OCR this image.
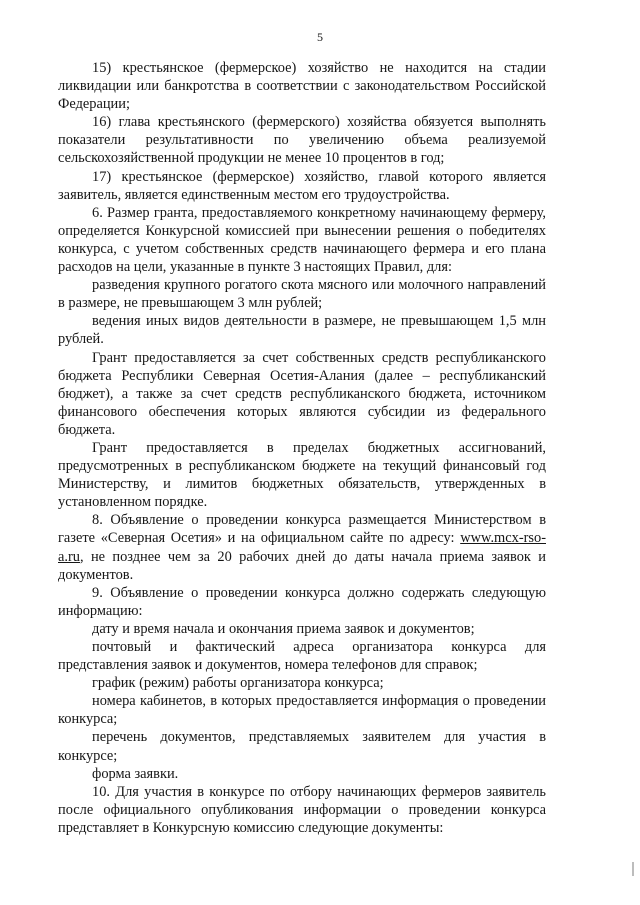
5

15) крестьянское (фермерское) хозяйство не находится на стадии ликвидации или банкротства в соответствии с законодательством Российской Федерации;

16) глава крестьянского (фермерского) хозяйства обязуется выполнять показатели результативности по увеличению объема реализуемой сельскохозяйственной продукции не менее 10 процентов в год;

17) крестьянское (фермерское) хозяйство, главой которого является заявитель, является единственным местом его трудоустройства.

6. Размер гранта, предоставляемого конкретному начинающему фермеру, определяется Конкурсной комиссией при вынесении решения о победителях конкурса, с учетом собственных средств начинающего фермера и его плана расходов на цели, указанные в пункте 3 настоящих Правил, для:

разведения крупного рогатого скота мясного или молочного направлений в размере, не превышающем 3 млн рублей;

ведения иных видов деятельности в размере, не превышающем 1,5 млн рублей.

Грант предоставляется за счет собственных средств республиканского бюджета Республики Северная Осетия-Алания (далее – республиканский бюджет), а также за счет средств республиканского бюджета, источником финансового обеспечения которых являются субсидии из федерального бюджета.

Грант предоставляется в пределах бюджетных ассигнований, предусмотренных в республиканском бюджете на текущий финансовый год Министерству, и лимитов бюджетных обязательств, утвержденных в установленном порядке.

8. Объявление о проведении конкурса размещается Министерством в газете «Северная Осетия» и на официальном сайте по адресу: www.mcx-rso-a.ru, не позднее чем за 20 рабочих дней до даты начала приема заявок и документов.

9. Объявление о проведении конкурса должно содержать следующую информацию:

дату и время начала и окончания приема заявок и документов;

почтовый и фактический адреса организатора конкурса для представления заявок и документов, номера телефонов для справок;

график (режим) работы организатора конкурса;

номера кабинетов, в которых предоставляется информация о проведении конкурса;

перечень документов, представляемых заявителем для участия в конкурсе;

форма заявки.

10. Для участия в конкурсе по отбору начинающих фермеров заявитель после официального опубликования информации о проведении конкурса представляет в Конкурсную комиссию следующие документы:
